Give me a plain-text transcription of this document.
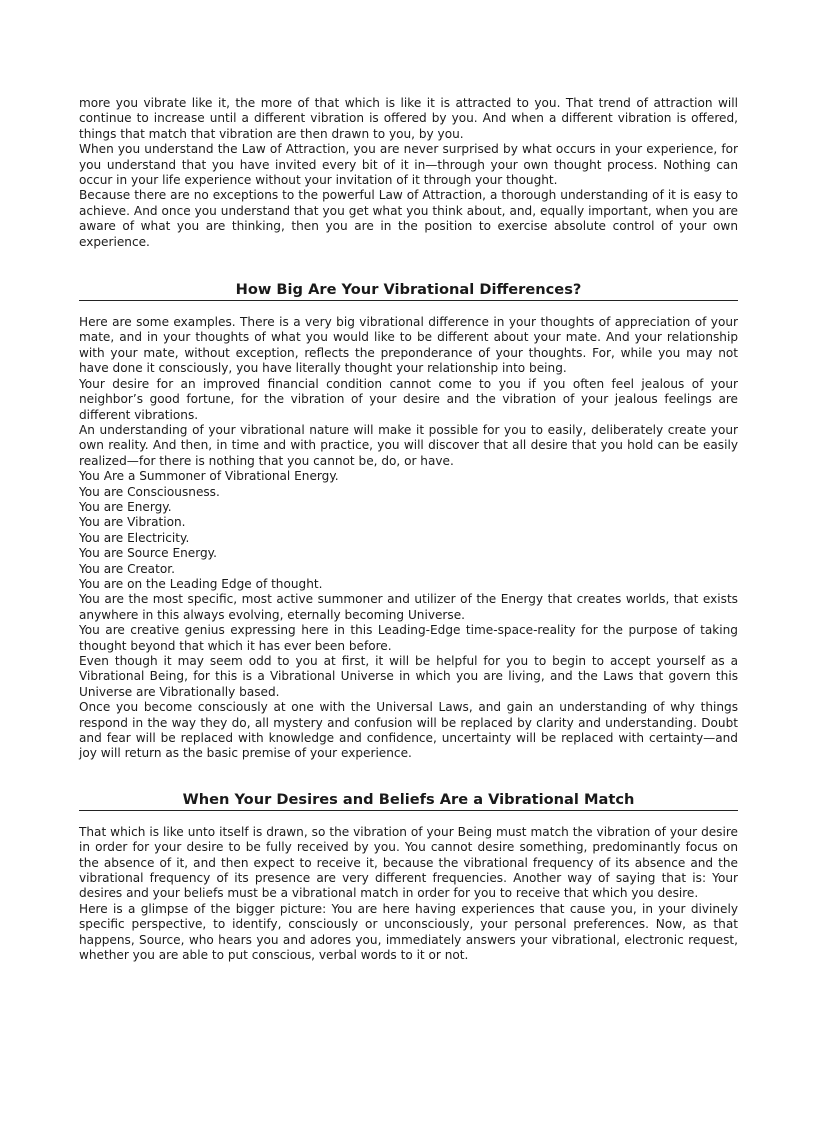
more you vibrate like it, the more of that which is like it is attracted to you. That trend of attraction will continue to increase until a different vibration is offered by you. And when a different vibration is offered, things that match that vibration are then drawn to you, by you.

When you understand the Law of Attraction, you are never surprised by what occurs in your experience, for you understand that you have invited every bit of it in—through your own thought process. Nothing can occur in your life experience without your invitation of it through your thought.

Because there are no exceptions to the powerful Law of Attraction, a thorough understanding of it is easy to achieve. And once you understand that you get what you think about, and, equally important, when you are aware of what you are thinking, then you are in the position to exercise absolute control of your own experience.

How Big Are Your Vibrational Differences?

Here are some examples. There is a very big vibrational difference in your thoughts of appreciation of your mate, and in your thoughts of what you would like to be different about your mate. And your relationship with your mate, without exception, reflects the preponderance of your thoughts. For, while you may not have done it consciously, you have literally thought your relationship into being.

Your desire for an improved financial condition cannot come to you if you often feel jealous of your neighbor’s good fortune, for the vibration of your desire and the vibration of your jealous feelings are different vibrations.

An understanding of your vibrational nature will make it possible for you to easily, deliberately create your own reality. And then, in time and with practice, you will discover that all desire that you hold can be easily realized—for there is nothing that you cannot be, do, or have.

You Are a Summoner of Vibrational Energy.

You are Consciousness.

You are Energy.

You are Vibration.

You are Electricity.

You are Source Energy.

You are Creator.

You are on the Leading Edge of thought.

You are the most specific, most active summoner and utilizer of the Energy that creates worlds, that exists anywhere in this always evolving, eternally becoming Universe.

You are creative genius expressing here in this Leading-Edge time-space-reality for the purpose of taking thought beyond that which it has ever been before.

Even though it may seem odd to you at first, it will be helpful for you to begin to accept yourself as a Vibrational Being, for this is a Vibrational Universe in which you are living, and the Laws that govern this Universe are Vibrationally based.

Once you become consciously at one with the Universal Laws, and gain an understanding of why things respond in the way they do, all mystery and confusion will be replaced by clarity and understanding. Doubt and fear will be replaced with knowledge and confidence, uncertainty will be replaced with certainty—and joy will return as the basic premise of your experience.

When Your Desires and Beliefs Are a Vibrational Match

That which is like unto itself is drawn, so the vibration of your Being must match the vibration of your desire in order for your desire to be fully received by you. You cannot desire something, predominantly focus on the absence of it, and then expect to receive it, because the vibrational frequency of its absence and the vibrational frequency of its presence are very different frequencies. Another way of saying that is: Your desires and your beliefs must be a vibrational match in order for you to receive that which you desire.

Here is a glimpse of the bigger picture: You are here having experiences that cause you, in your divinely specific perspective, to identify, consciously or unconsciously, your personal preferences. Now, as that happens, Source, who hears you and adores you, immediately answers your vibrational, electronic request, whether you are able to put conscious, verbal words to it or not.
